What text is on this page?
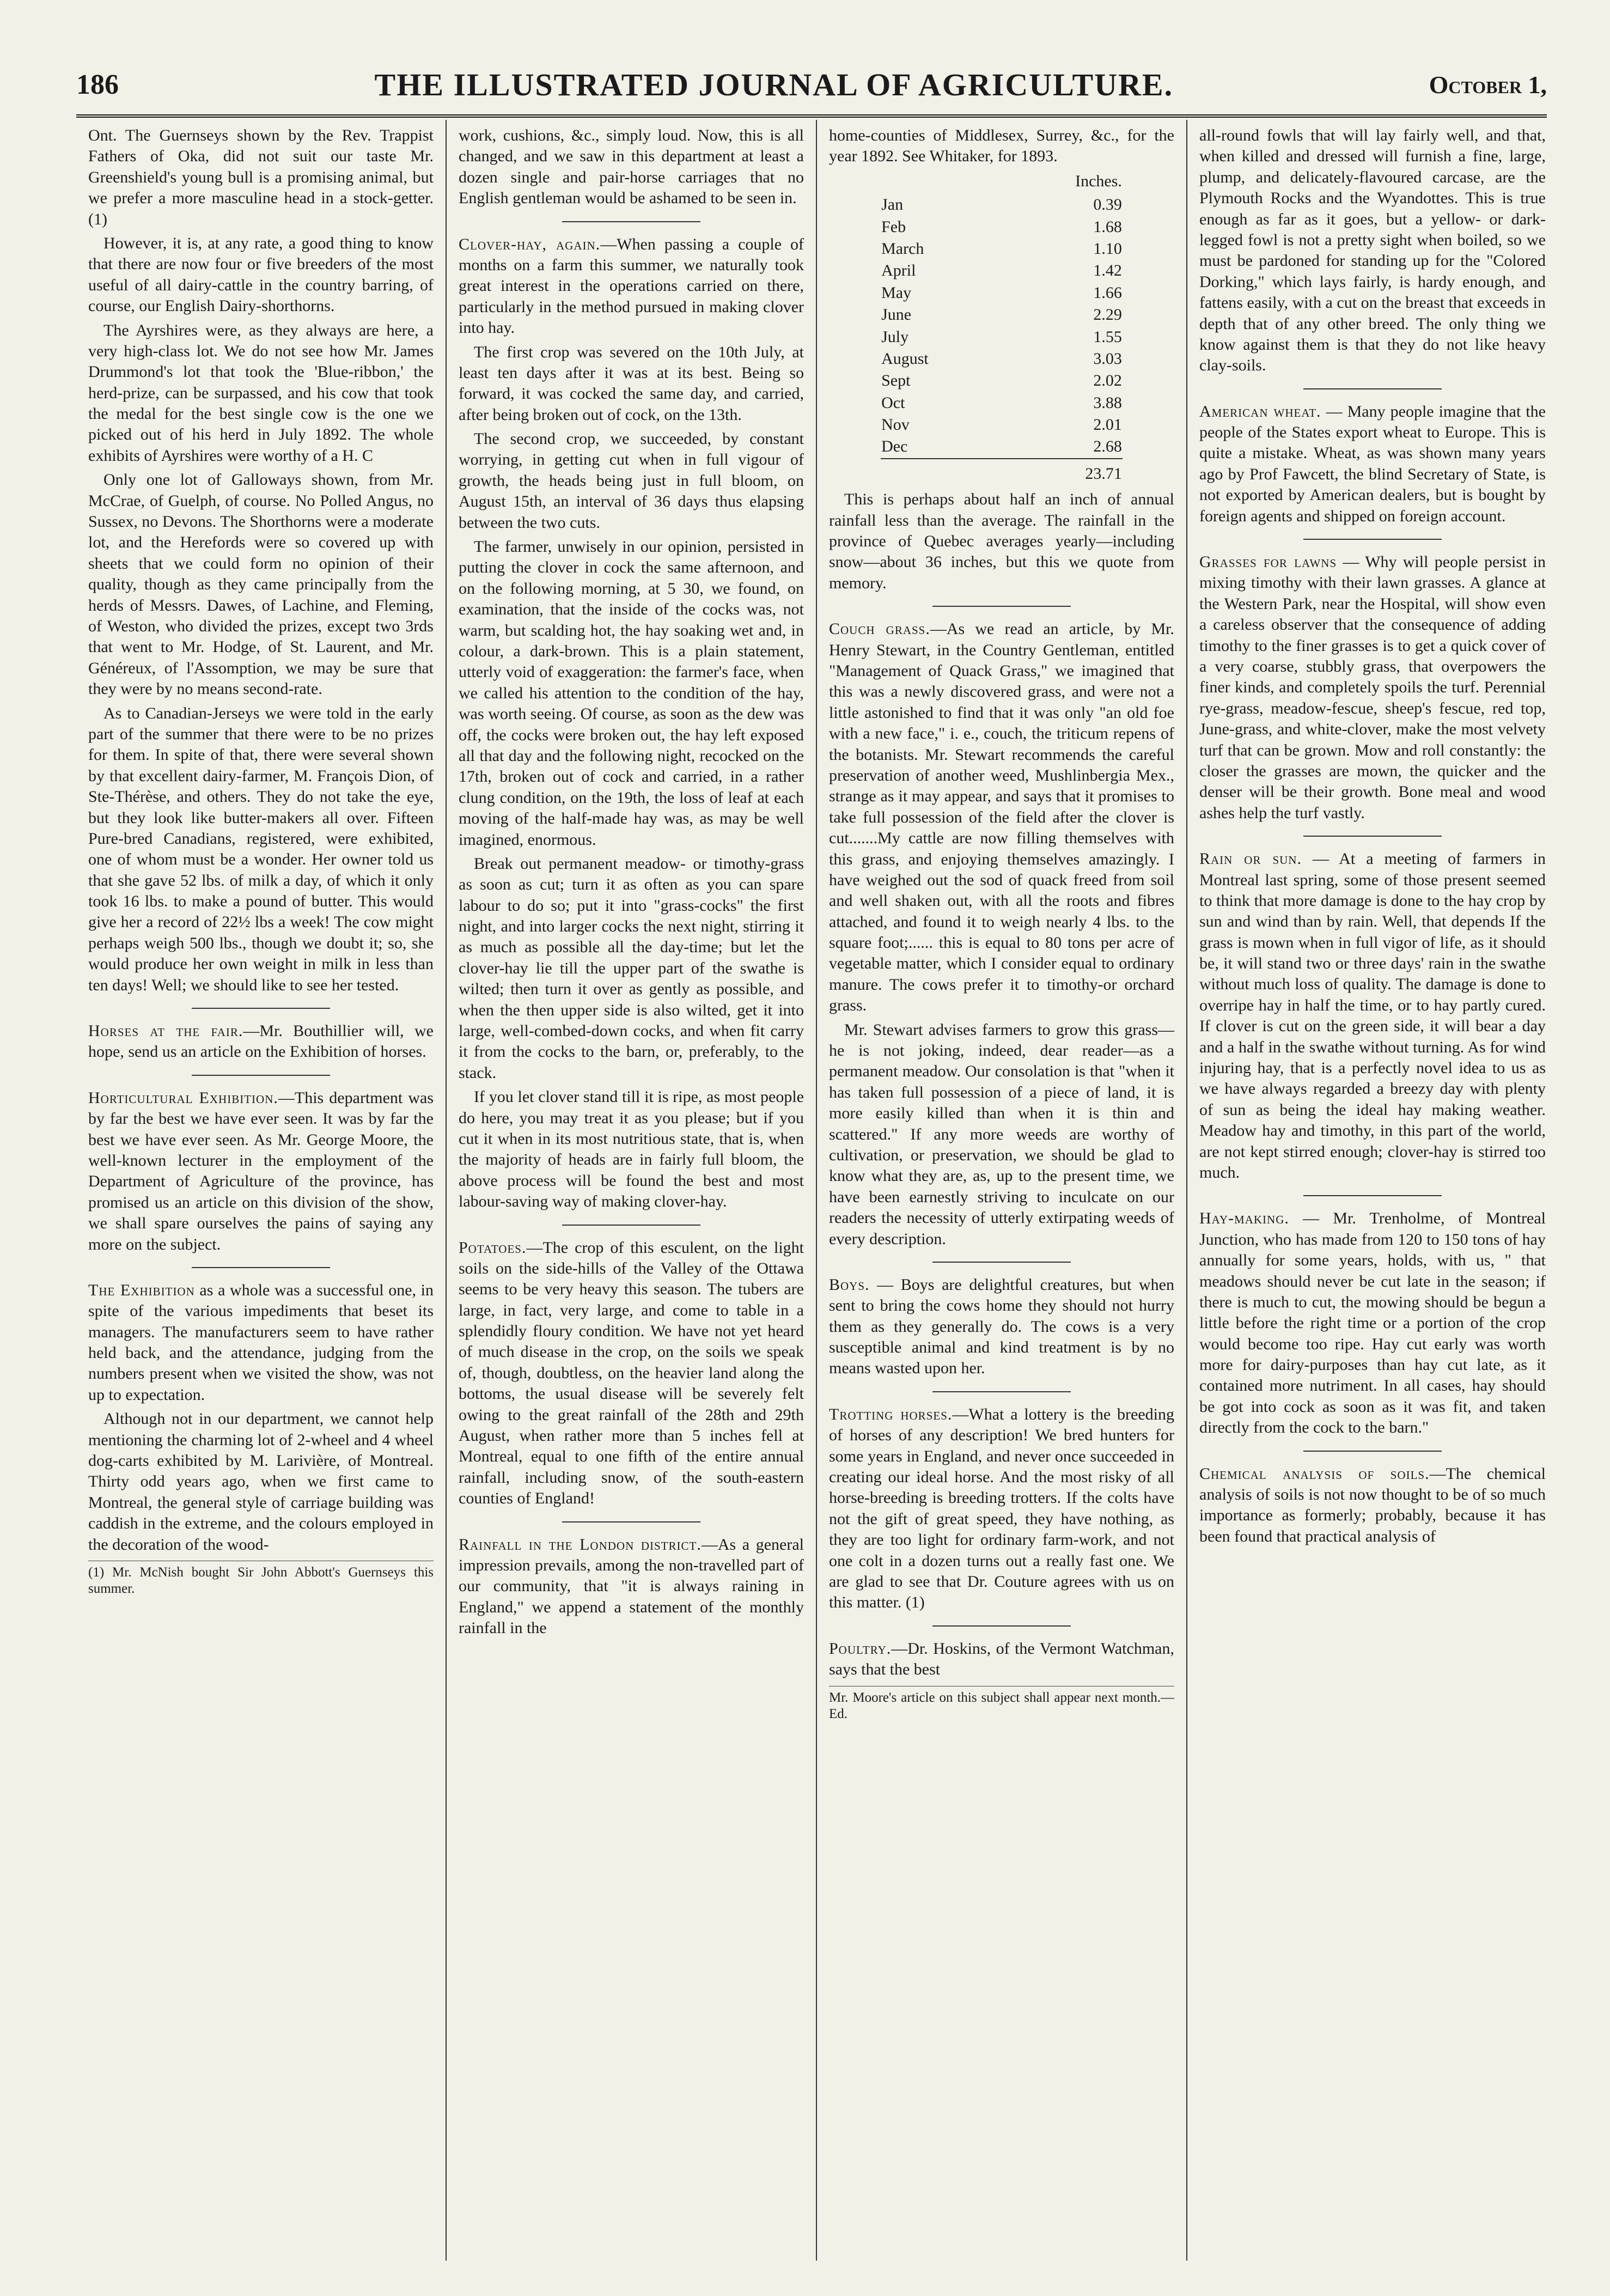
186	THE ILLUSTRATED JOURNAL OF AGRICULTURE.	October 1,

Ont. The Guernseys shown by the Rev. Trappist Fathers of Oka, did not suit our taste Mr. Greenshield's young bull is a promising animal, but we prefer a more masculine head in a stock-getter. (1)

However, it is, at any rate, a good thing to know that there are now four or five breeders of the most useful of all dairy-cattle in the country barring, of course, our English Dairy-shorthorns.

The Ayrshires were, as they always are here, a very high-class lot. We do not see how Mr. James Drummond's lot that took the 'Blue-ribbon,' the herd-prize, can be surpassed, and his cow that took the medal for the best single cow is the one we picked out of his herd in July 1892. The whole exhibits of Ayrshires were worthy of a H. C

Only one lot of Galloways shown, from Mr. McCrae, of Guelph, of course. No Polled Angus, no Sussex, no Devons. The Shorthorns were a moderate lot, and the Herefords were so covered up with sheets that we could form no opinion of their quality, though as they came principally from the herds of Messrs. Dawes, of Lachine, and Fleming, of Weston, who divided the prizes, except two 3rds that went to Mr. Hodge, of St. Laurent, and Mr. Généreux, of l'Assomption, we may be sure that they were by no means second-rate.

As to Canadian-Jerseys we were told in the early part of the summer that there were to be no prizes for them. In spite of that, there were several shown by that excellent dairy-farmer, M. François Dion, of Ste-Thérèse, and others. They do not take the eye, but they look like butter-makers all over. Fifteen Pure-bred Canadians, registered, were exhibited, one of whom must be a wonder. Her owner told us that she gave 52 lbs. of milk a day, of which it only took 16 lbs. to make a pound of butter. This would give her a record of 22½ lbs a week! The cow might perhaps weigh 500 lbs., though we doubt it; so, she would produce her own weight in milk in less than ten days! Well; we should like to see her tested.

Horses at the fair.—Mr. Bouthillier will, we hope, send us an article on the Exhibition of horses.

Horticultural Exhibition.—This department was by far the best we have ever seen. It was by far the best we have ever seen. As Mr. George Moore, the well-known lecturer in the employment of the Department of Agriculture of the province, has promised us an article on this division of the show, we shall spare ourselves the pains of saying any more on the subject.

The Exhibition as a whole was a successful one, in spite of the various impediments that beset its managers. The manufacturers seem to have rather held back, and the attendance, judging from the numbers present when we visited the show, was not up to expectation.

Although not in our department, we cannot help mentioning the charming lot of 2-wheel and 4 wheel dog-carts exhibited by M. Larivière, of Montreal. Thirty odd years ago, when we first came to Montreal, the general style of carriage building was caddish in the extreme, and the colours employed in the decoration of the wood-

(1) Mr. McNish bought Sir John Abbott's Guernseys this summer.

work, cushions, &c., simply loud. Now, this is all changed, and we saw in this department at least a dozen single and pair-horse carriages that no English gentleman would be ashamed to be seen in.

Clover-hay, again.—When passing a couple of months on a farm this summer, we naturally took great interest in the operations carried on there, particularly in the method pursued in making clover into hay.

The first crop was severed on the 10th July, at least ten days after it was at its best. Being so forward, it was cocked the same day, and carried, after being broken out of cock, on the 13th.

The second crop, we succeeded, by constant worrying, in getting cut when in full vigour of growth, the heads being just in full bloom, on August 15th, an interval of 36 days thus elapsing between the two cuts.

The farmer, unwisely in our opinion, persisted in putting the clover in cock the same afternoon, and on the following morning, at 5 30, we found, on examination, that the inside of the cocks was, not warm, but scalding hot, the hay soaking wet and, in colour, a dark-brown. This is a plain statement, utterly void of exaggeration: the farmer's face, when we called his attention to the condition of the hay, was worth seeing. Of course, as soon as the dew was off, the cocks were broken out, the hay left exposed all that day and the following night, recocked on the 17th, broken out of cock and carried, in a rather clung condition, on the 19th, the loss of leaf at each moving of the half-made hay was, as may be well imagined, enormous.

Break out permanent meadow- or timothy-grass as soon as cut; turn it as often as you can spare labour to do so; put it into "grass-cocks" the first night, and into larger cocks the next night, stirring it as much as possible all the day-time; but let the clover-hay lie till the upper part of the swathe is wilted; then turn it over as gently as possible, and when the then upper side is also wilted, get it into large, well-combed-down cocks, and when fit carry it from the cocks to the barn, or, preferably, to the stack.

If you let clover stand till it is ripe, as most people do here, you may treat it as you please; but if you cut it when in its most nutritious state, that is, when the majority of heads are in fairly full bloom, the above process will be found the best and most labour-saving way of making clover-hay.

Potatoes.—The crop of this esculent, on the light soils on the side-hills of the Valley of the Ottawa seems to be very heavy this season. The tubers are large, in fact, very large, and come to table in a splendidly floury condition. We have not yet heard of much disease in the crop, on the soils we speak of, though, doubtless, on the heavier land along the bottoms, the usual disease will be severely felt owing to the great rainfall of the 28th and 29th August, when rather more than 5 inches fell at Montreal, equal to one fifth of the entire annual rainfall, including snow, of the south-eastern counties of England!

Rainfall in the London district.—As a general impression prevails, among the non-travelled part of our community, that "it is always raining in England," we append a statement of the monthly rainfall in the

home-counties of Middlesex, Surrey, &c., for the year 1892. See Whitaker, for 1893.

Inches.	
Jan	0.39
Feb	1.68
March	1.10
April	1.42
May	1.66
June	2.29
July	1.55
August	3.03
Sept	2.02
Oct	3.88
Nov	2.01
Dec	2.68
	23.71

This is perhaps about half an inch of annual rainfall less than the average. The rainfall in the province of Quebec averages yearly—including snow—about 36 inches, but this we quote from memory.

Couch grass.—As we read an article, by Mr. Henry Stewart, in the Country Gentleman, entitled "Management of Quack Grass," we imagined that this was a newly discovered grass, and were not a little astonished to find that it was only "an old foe with a new face," i. e., couch, the triticum repens of the botanists. Mr. Stewart recommends the careful preservation of another weed, Mushlinbergia Mex., strange as it may appear, and says that it promises to take full possession of the field after the clover is cut.......My cattle are now filling themselves with this grass, and enjoying themselves amazingly. I have weighed out the sod of quack freed from soil and well shaken out, with all the roots and fibres attached, and found it to weigh nearly 4 lbs. to the square foot;...... this is equal to 80 tons per acre of vegetable matter, which I consider equal to ordinary manure. The cows prefer it to timothy-or orchard grass.

Mr. Stewart advises farmers to grow this grass—he is not joking, indeed, dear reader—as a permanent meadow. Our consolation is that "when it has taken full possession of a piece of land, it is more easily killed than when it is thin and scattered." If any more weeds are worthy of cultivation, or preservation, we should be glad to know what they are, as, up to the present time, we have been earnestly striving to inculcate on our readers the necessity of utterly extirpating weeds of every description.

Boys. — Boys are delightful creatures, but when sent to bring the cows home they should not hurry them as they generally do. The cows is a very susceptible animal and kind treatment is by no means wasted upon her.

Trotting horses.—What a lottery is the breeding of horses of any description! We bred hunters for some years in England, and never once succeeded in creating our ideal horse. And the most risky of all horse-breeding is breeding trotters. If the colts have not the gift of great speed, they have nothing, as they are too light for ordinary farm-work, and not one colt in a dozen turns out a really fast one. We are glad to see that Dr. Couture agrees with us on this matter. (1)

Poultry.—Dr. Hoskins, of the Vermont Watchman, says that the best

Mr. Moore's article on this subject shall appear next month.—Ed.

all-round fowls that will lay fairly well, and that, when killed and dressed will furnish a fine, large, plump, and delicately-flavoured carcase, are the Plymouth Rocks and the Wyandottes. This is true enough as far as it goes, but a yellow- or dark-legged fowl is not a pretty sight when boiled, so we must be pardoned for standing up for the "Colored Dorking," which lays fairly, is hardy enough, and fattens easily, with a cut on the breast that exceeds in depth that of any other breed. The only thing we know against them is that they do not like heavy clay-soils.

American wheat. — Many people imagine that the people of the States export wheat to Europe. This is quite a mistake. Wheat, as was shown many years ago by Prof Fawcett, the blind Secretary of State, is not exported by American dealers, but is bought by foreign agents and shipped on foreign account.

Grasses for lawns — Why will people persist in mixing timothy with their lawn grasses. A glance at the Western Park, near the Hospital, will show even a careless observer that the consequence of adding timothy to the finer grasses is to get a quick cover of a very coarse, stubbly grass, that overpowers the finer kinds, and completely spoils the turf. Perennial rye-grass, meadow-fescue, sheep's fescue, red top, June-grass, and white-clover, make the most velvety turf that can be grown. Mow and roll constantly: the closer the grasses are mown, the quicker and the denser will be their growth. Bone meal and wood ashes help the turf vastly.

Rain or sun. — At a meeting of farmers in Montreal last spring, some of those present seemed to think that more damage is done to the hay crop by sun and wind than by rain. Well, that depends If the grass is mown when in full vigor of life, as it should be, it will stand two or three days' rain in the swathe without much loss of quality. The damage is done to overripe hay in half the time, or to hay partly cured. If clover is cut on the green side, it will bear a day and a half in the swathe without turning. As for wind injuring hay, that is a perfectly novel idea to us as we have always regarded a breezy day with plenty of sun as being the ideal hay making weather. Meadow hay and timothy, in this part of the world, are not kept stirred enough; clover-hay is stirred too much.

Hay-making. — Mr. Trenholme, of Montreal Junction, who has made from 120 to 150 tons of hay annually for some years, holds, with us, " that meadows should never be cut late in the season; if there is much to cut, the mowing should be begun a little before the right time or a portion of the crop would become too ripe. Hay cut early was worth more for dairy-purposes than hay cut late, as it contained more nutriment. In all cases, hay should be got into cock as soon as it was fit, and taken directly from the cock to the barn."

Chemical analysis of soils.—The chemical analysis of soils is not now thought to be of so much importance as formerly; probably, because it has been found that practical analysis of
